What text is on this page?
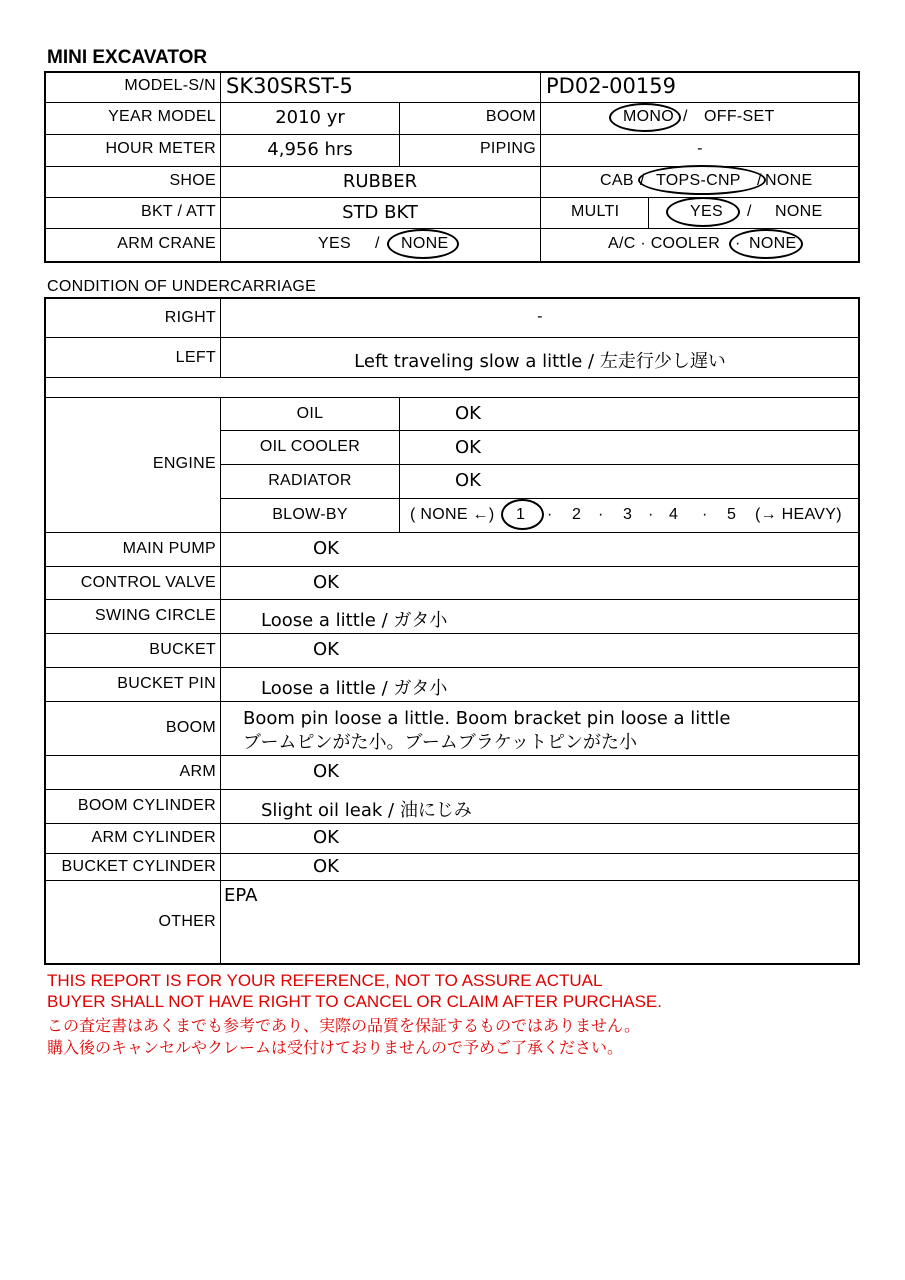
MINI EXCAVATOR
MODEL-S/N SK30SRST-5	PD02-00159
YEAR MODEL	2010 yr	BOOM	MONO / OFF-SET
HOUR METER	4,956 hrs	PIPING	-
SHOE	RUBBER	CAB / TOPS-CNP / NONE
BKT / ATT	STD BKT	MULTI	YES / NONE
ARM CRANE	YES / NONE	A/C · COOLER · NONE
CONDITION OF UNDERCARRIAGE
RIGHT	-
LEFT	Left traveling slow a little / 左走行少し遅い
ENGINE
OIL	OK
OIL COOLER	OK
RADIATOR	OK
BLOW-BY	( NONE ←) 1 · 2 · 3 · 4 · 5 (→ HEAVY)
MAIN PUMP	OK
CONTROL VALVE	OK
SWING CIRCLE	Loose a little / ガタ小
BUCKET	OK
BUCKET PIN	Loose a little / ガタ小
BOOM Boom pin loose a little. Boom bracket pin loose a little
ブームピンがた小。ブームブラケットピンがた小
ARM	OK
BOOM CYLINDER	Slight oil leak / 油にじみ
ARM CYLINDER	OK
BUCKET CYLINDER	OK
OTHER
EPA
THIS REPORT IS FOR YOUR REFERENCE, NOT TO ASSURE ACTUAL
BUYER SHALL NOT HAVE RIGHT TO CANCEL OR CLAIM AFTER PURCHASE.
この査定書はあくまでも参考であり、実際の品質を保証するものではありません。
購入後のキャンセルやクレームは受付けておりませんので予めご了承ください。
